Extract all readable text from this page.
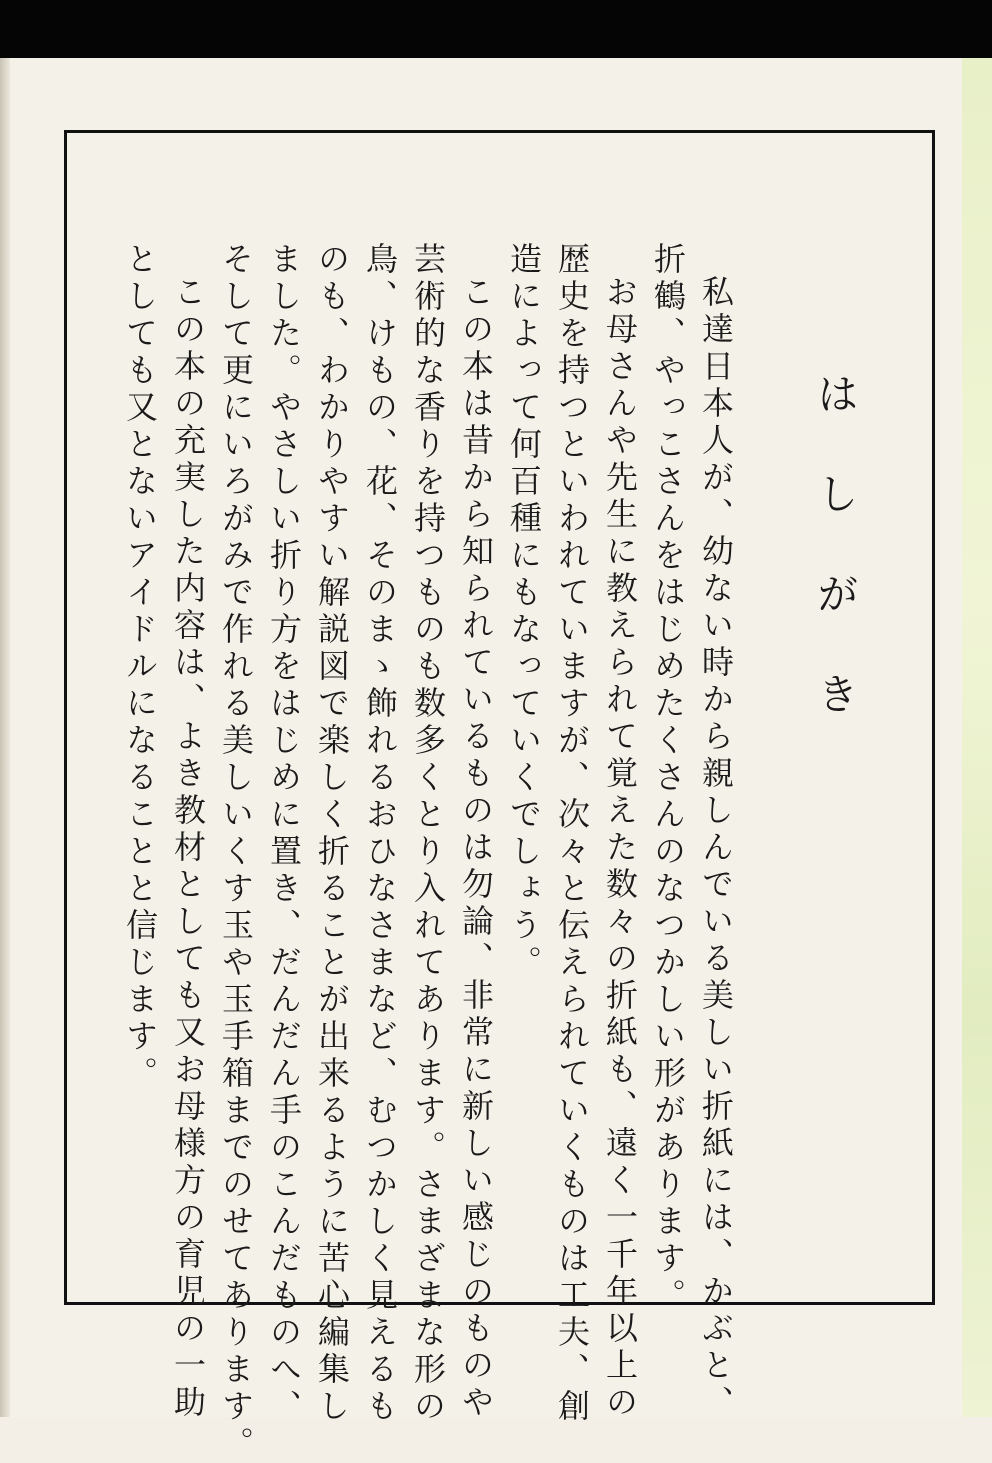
はしがき
私達日本人が、幼ない時から親しんでいる美しい折紙には、かぶと、
折鶴、やっこさんをはじめたくさんのなつかしい形があります。
お母さんや先生に教えられて覚えた数々の折紙も、遠く一千年以上の
歴史を持つといわれていますが、次々と伝えられていくものは工夫、創
造によって何百種にもなっていくでしょう。
この本は昔から知られているものは勿論、非常に新しい感じのものや
芸術的な香りを持つものも数多くとり入れてあります。さまざまな形の
鳥、けもの、花、そのまゝ飾れるおひなさまなど、むつかしく見えるも
のも、わかりやすい解説図で楽しく折ることが出来るように苦心編集し
ました。やさしい折り方をはじめに置き、だんだん手のこんだものへ、
そして更にいろがみで作れる美しいくす玉や玉手箱までのせてあります。
この本の充実した内容は、よき教材としても又お母様方の育児の一助
としても又とないアイドルになることと信じます。
